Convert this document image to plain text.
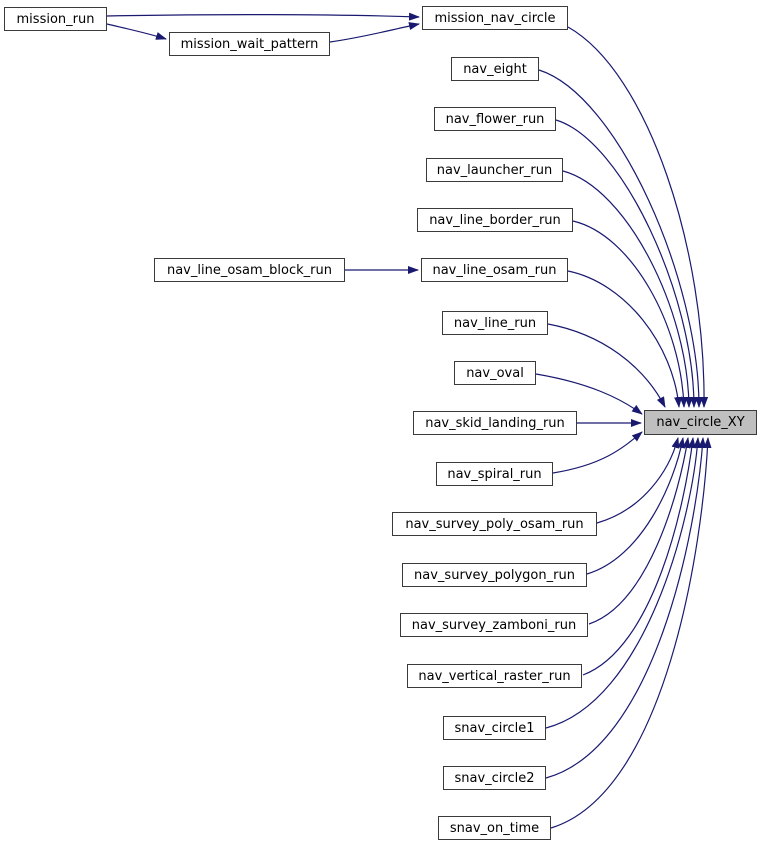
mission_run
mission_wait_pattern
mission_nav_circle
nav_eight
nav_flower_run
nav_launcher_run
nav_line_border_run
nav_line_osam_block_run	nav_line_osam_run
nav_line_run
nav_oval
nav_skid_landing_run
nav_spiral_run
nav_survey_poly_osam_run
nav_survey_polygon_run
nav_survey_zamboni_run
nav_vertical_raster_run
snav_circle1
snav_circle2
snav_on_time
nav_circle_XY
